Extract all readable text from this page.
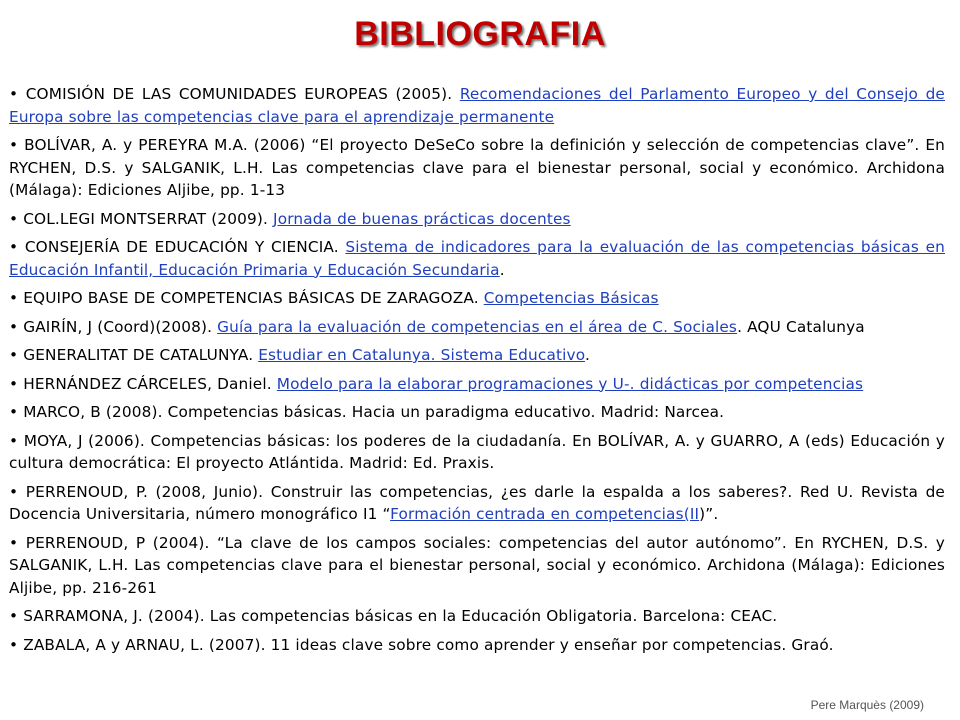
BIBLIOGRAFIA
• COMISIÓN DE LAS COMUNIDADES EUROPEAS (2005). Recomendaciones del Parlamento Europeo y del Consejo de Europa sobre las competencias clave para el aprendizaje permanente
• BOLÍVAR, A. y PEREYRA M.A. (2006) “El proyecto DeSeCo sobre la definición y selección de competencias clave”. En RYCHEN, D.S. y SALGANIK, L.H. Las competencias clave para el bienestar personal, social y económico. Archidona (Málaga): Ediciones Aljibe, pp. 1-13
• COL.LEGI MONTSERRAT (2009). Jornada de buenas prácticas docentes
• CONSEJERÍA DE EDUCACIÓN Y CIENCIA. Sistema de indicadores para la evaluación de las competencias básicas en Educación Infantil, Educación Primaria y Educación Secundaria.
• EQUIPO BASE DE COMPETENCIAS BÁSICAS DE ZARAGOZA. Competencias Básicas
• GAIRÍN, J (Coord)(2008). Guía para la evaluación de competencias en el área de C. Sociales. AQU Catalunya
• GENERALITAT DE CATALUNYA. Estudiar en Catalunya. Sistema Educativo.
• HERNÁNDEZ CÁRCELES, Daniel. Modelo para la elaborar programaciones y U-. didácticas por competencias
• MARCO, B (2008). Competencias básicas. Hacia un paradigma educativo. Madrid: Narcea.
• MOYA, J (2006). Competencias básicas: los poderes de la ciudadanía. En BOLÍVAR, A. y GUARRO, A (eds) Educación y cultura democrática: El proyecto Atlántida. Madrid: Ed. Praxis.
• PERRENOUD, P. (2008, Junio). Construir las competencias, ¿es darle la espalda a los saberes?. Red U. Revista de Docencia Universitaria, número monográfico I1 “Formación centrada en competencias(II)”.
• PERRENOUD, P (2004). “La clave de los campos sociales: competencias del autor autónomo”. En RYCHEN, D.S. y SALGANIK, L.H. Las competencias clave para el bienestar personal, social y económico. Archidona (Málaga): Ediciones Aljibe, pp. 216-261
• SARRAMONA, J. (2004). Las competencias básicas en la Educación Obligatoria. Barcelona: CEAC.
• ZABALA, A y ARNAU, L. (2007). 11 ideas clave sobre como aprender y enseñar por competencias. Graó.
Pere Marquès (2009)
